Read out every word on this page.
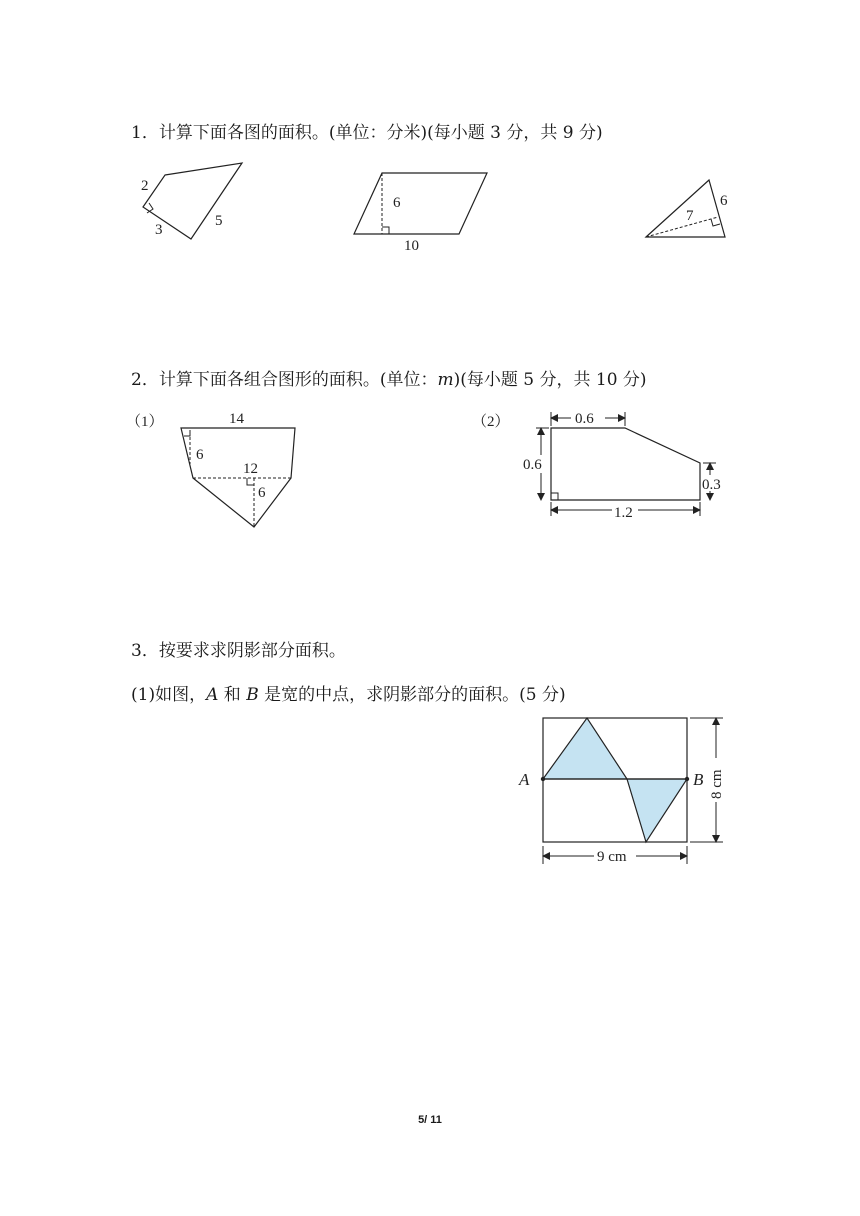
1．计算下面各图的面积。(单位：分米)(每小题 3 分，共 9 分)
2．计算下面各组合图形的面积。(单位：m)(每小题 5 分，共 10 分)
3．按要求求阴影部分面积。
(1)如图，A 和 B 是宽的中点，求阴影部分的面积。(5 分)
2
3
5
6
10
7
6
（1）	14
6
12
6
（2）	0.6
0.6
0.3
1.2
A	B
9 cm
8 cm
5/ 11
